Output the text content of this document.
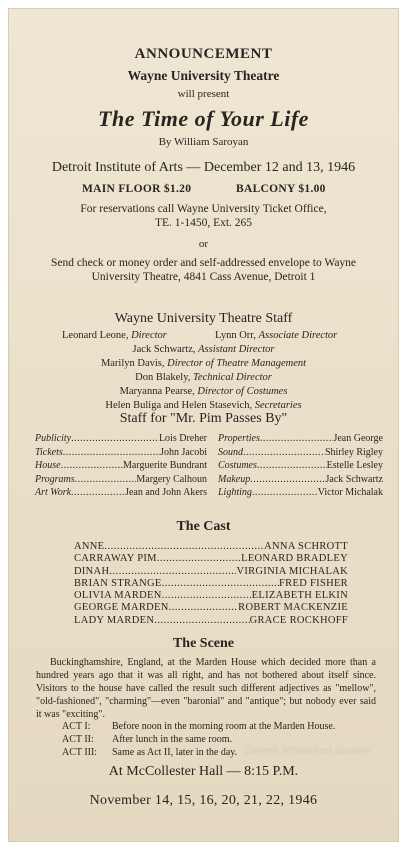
ANNOUNCEMENT

Wayne University Theatre

will present

The Time of Your Life

By William Saroyan

Detroit Institute of Arts — December 12 and 13, 1946

MAIN FLOOR $1.20	BALCONY $1.00

For reservations call Wayne University Ticket Office,

TE. 1-1450, Ext. 265

or

Send check or money order and self-addressed envelope to Wayne

University Theatre, 4841 Cass Avenue, Detroit 1

Wayne University Theatre Staff

Leonard Leone, Director	Lynn Orr, Associate Director

Jack Schwartz, Assistant Director

Marilyn Davis, Director of Theatre Management

Don Blakely, Technical Director

Maryanna Pearse, Director of Costumes

Helen Buliga and Helen Stasevich, Secretaries

Staff for "Mr. Pim Passes By"

Publicity .....	Lois Dreher
Tickets .....	John Jacobi
House .....	Marguerite Bundrant
Programs .....	Margery Calhoun
Art Work .....	Jean and John Akers
Properties .....	Jean George
Sound .....	Shirley Rigley
Costumes .....	Estelle Lesley
Makeup .....	Jack Schwartz
Lighting .....	Victor Michalak

The Cast

ANNE .....	ANNA SCHROTT
CARRAWAY PIM .....	LEONARD BRADLEY
DINAH .....	VIRGINIA MICHALAK
BRIAN STRANGE .....	FRED FISHER
OLIVIA MARDEN .....	ELIZABETH ELKIN
GEORGE MARDEN .....	ROBERT MACKENZIE
LADY MARDEN .....	GRACE ROCKHOFF

The Scene

Buckinghamshire, England, at the Marden House which decided more than a hundred years ago that it was all right, and has not bothered about itself since. Visitors to the house have called the result such different adjectives as "mellow", "old-fashioned", "charming"—even "baronial" and "antique"; but nobody ever said it was "exciting".

ACT I:	Before noon in the morning room at the Marden House.
ACT II:	After lunch in the same room.
ACT III:	Same as Act II, later in the day. Detroit Historical Society

At McCollester Hall — 8:15 P.M.

November 14, 15, 16, 20, 21, 22, 1946
